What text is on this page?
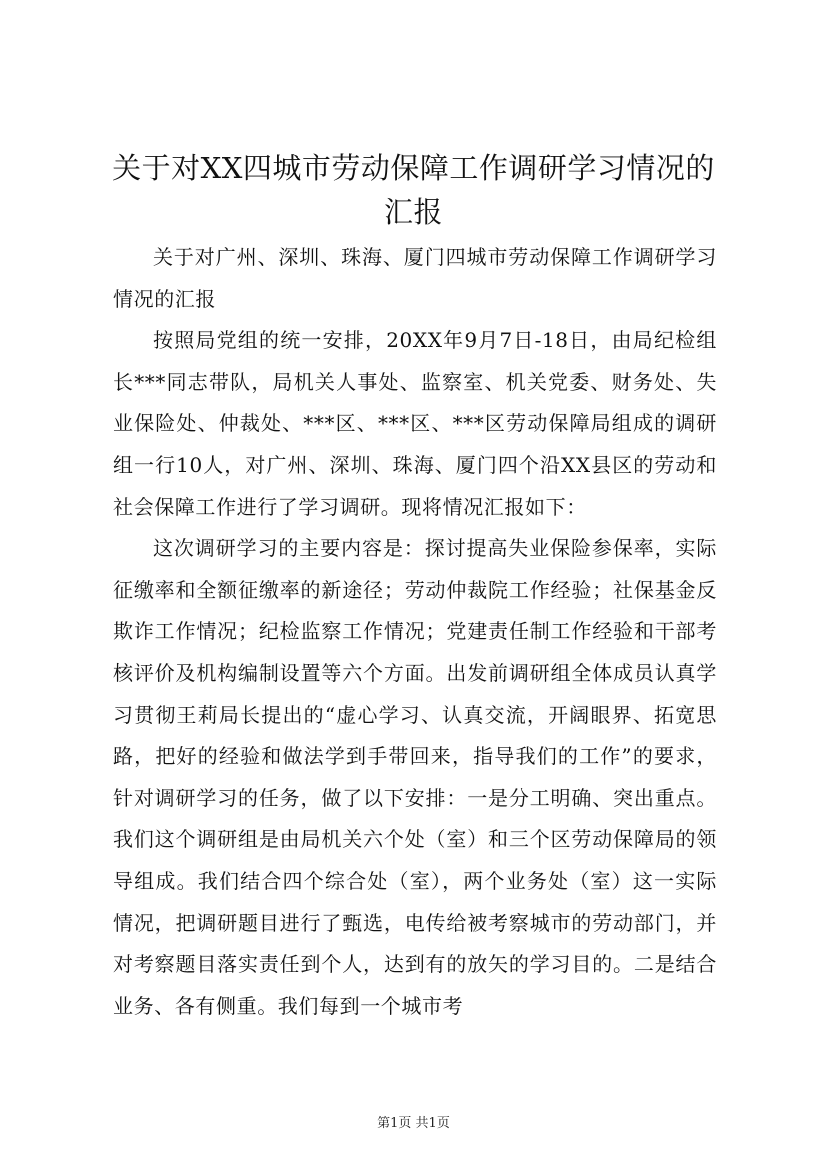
关于对XX四城市劳动保障工作调研学习情况的汇报

关于对广州、深圳、珠海、厦门四城市劳动保障工作调研学习情况的汇报

按照局党组的统一安排，20XX年9月7日-18日，由局纪检组长***同志带队，局机关人事处、监察室、机关党委、财务处、失业保险处、仲裁处、***区、***区、***区劳动保障局组成的调研组一行10人，对广州、深圳、珠海、厦门四个沿XX县区的劳动和社会保障工作进行了学习调研。现将情况汇报如下：

这次调研学习的主要内容是：探讨提高失业保险参保率，实际征缴率和全额征缴率的新途径；劳动仲裁院工作经验；社保基金反欺诈工作情况；纪检监察工作情况；党建责任制工作经验和干部考核评价及机构编制设置等六个方面。出发前调研组全体成员认真学习贯彻王莉局长提出的“虚心学习、认真交流，开阔眼界、拓宽思路，把好的经验和做法学到手带回来，指导我们的工作”的要求，针对调研学习的任务，做了以下安排：一是分工明确、突出重点。我们这个调研组是由局机关六个处（室）和三个区劳动保障局的领导组成。我们结合四个综合处（室），两个业务处（室）这一实际情况，把调研题目进行了甄选，电传给被考察城市的劳动部门，并对考察题目落实责任到个人，达到有的放矢的学习目的。二是结合业务、各有侧重。我们每到一个城市考

第1页 共1页
